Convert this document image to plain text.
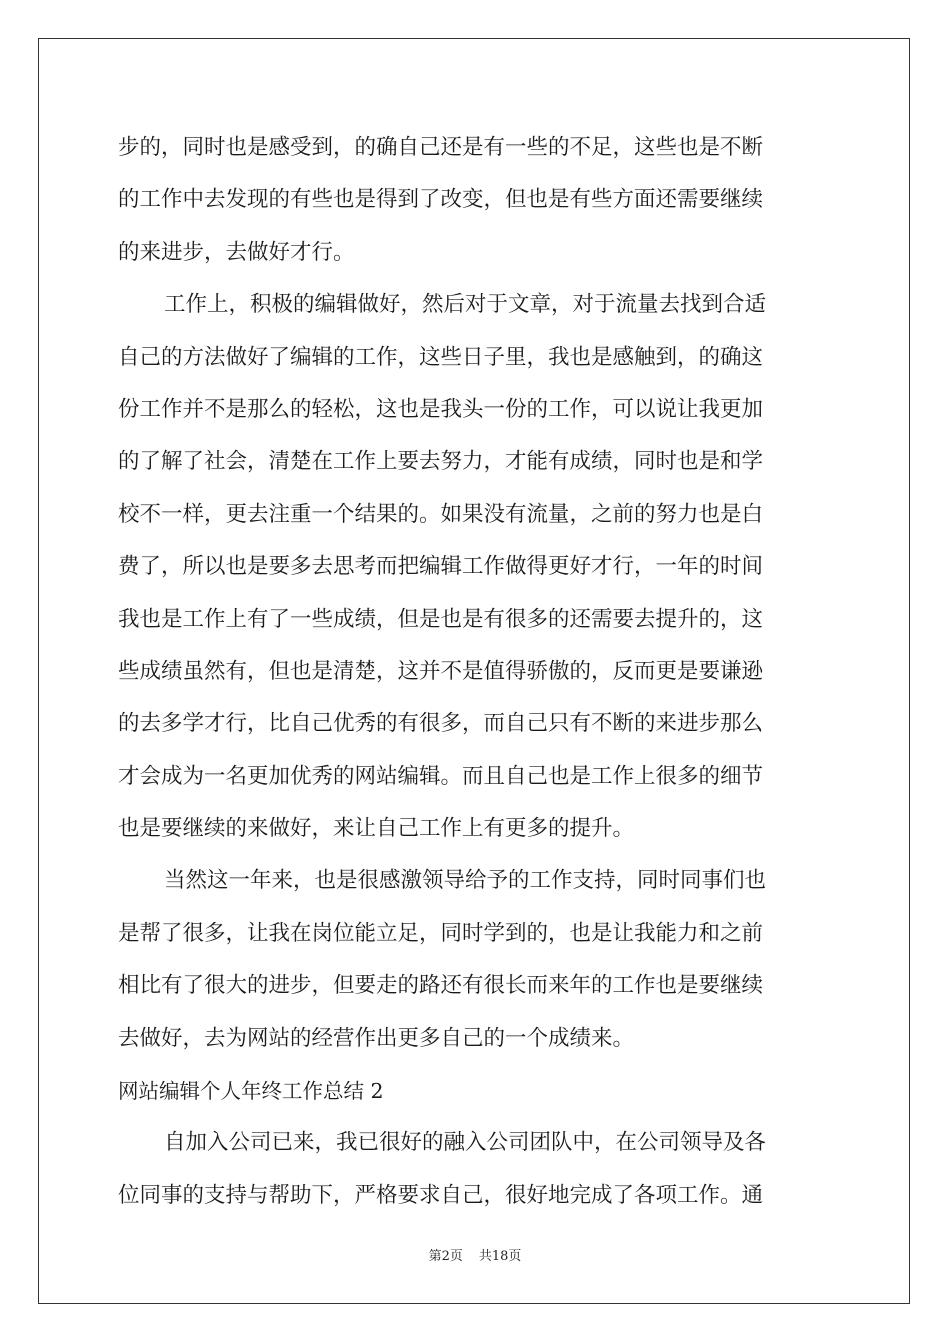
步的，同时也是感受到，的确自己还是有一些的不足，这些也是不断
的工作中去发现的有些也是得到了改变，但也是有些方面还需要继续
的来进步，去做好才行。
工作上，积极的编辑做好，然后对于文章，对于流量去找到合适
自己的方法做好了编辑的工作，这些日子里，我也是感触到，的确这
份工作并不是那么的轻松，这也是我头一份的工作，可以说让我更加
的了解了社会，清楚在工作上要去努力，才能有成绩，同时也是和学
校不一样，更去注重一个结果的。如果没有流量，之前的努力也是白
费了，所以也是要多去思考而把编辑工作做得更好才行，一年的时间
我也是工作上有了一些成绩，但是也是有很多的还需要去提升的，这
些成绩虽然有，但也是清楚，这并不是值得骄傲的，反而更是要谦逊
的去多学才行，比自己优秀的有很多，而自己只有不断的来进步那么
才会成为一名更加优秀的网站编辑。而且自己也是工作上很多的细节
也是要继续的来做好，来让自己工作上有更多的提升。
当然这一年来，也是很感激领导给予的工作支持，同时同事们也
是帮了很多，让我在岗位能立足，同时学到的，也是让我能力和之前
相比有了很大的进步，但要走的路还有很长而来年的工作也是要继续
去做好，去为网站的经营作出更多自己的一个成绩来。
网站编辑个人年终工作总结 2
自加入公司已来，我已很好的融入公司团队中，在公司领导及各
位同事的支持与帮助下，严格要求自己，很好地完成了各项工作。通
第2页 共18页
